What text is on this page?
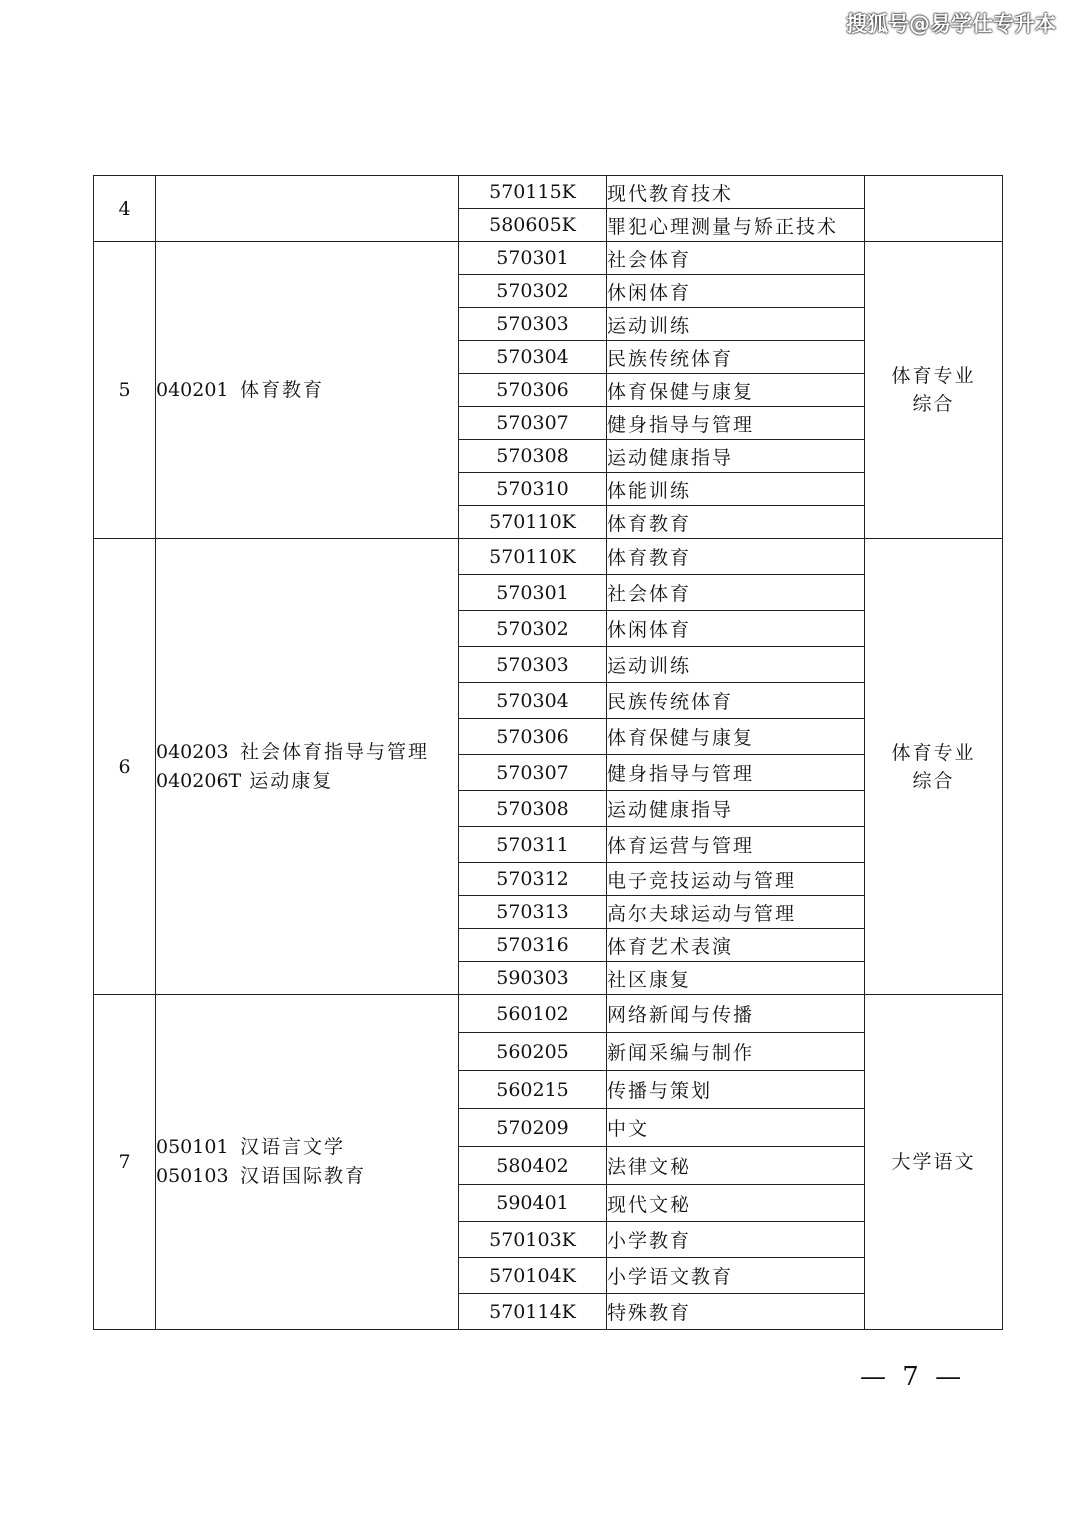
搜狐号@易学仕专升本
4		570115K	现代教育技术	
		580605K	罪犯心理测量与矫正技术	
5	040201 体育教育	570301	社会体育	体育专业
综合

		570302	休闲体育	
		570303	运动训练	
		570304	民族传统体育	
		570306	体育保健与康复	
		570307	健身指导与管理	
		570308	运动健康指导	
		570310	体能训练	
		570110K	体育教育	
6	040203 社会体育指导与管理
040206T 运动康复	570110K	体育教育	体育专业
综合

		570301	社会体育	
		570302	休闲体育	
		570303	运动训练	
		570304	民族传统体育	
		570306	体育保健与康复	
		570307	健身指导与管理	
		570308	运动健康指导	
		570311	体育运营与管理	
		570312	电子竞技运动与管理	
		570313	高尔夫球运动与管理	
		570316	体育艺术表演	
		590303	社区康复	
7	050101 汉语言文学
050103 汉语国际教育	560102	网络新闻与传播	大学语文

		560205	新闻采编与制作	
		560215	传播与策划	
		570209	中文	
		580402	法律文秘	
		590401	现代文秘	
		570103K	小学教育	
		570104K	小学语文教育	
		570114K	特殊教育	
— 7 —
